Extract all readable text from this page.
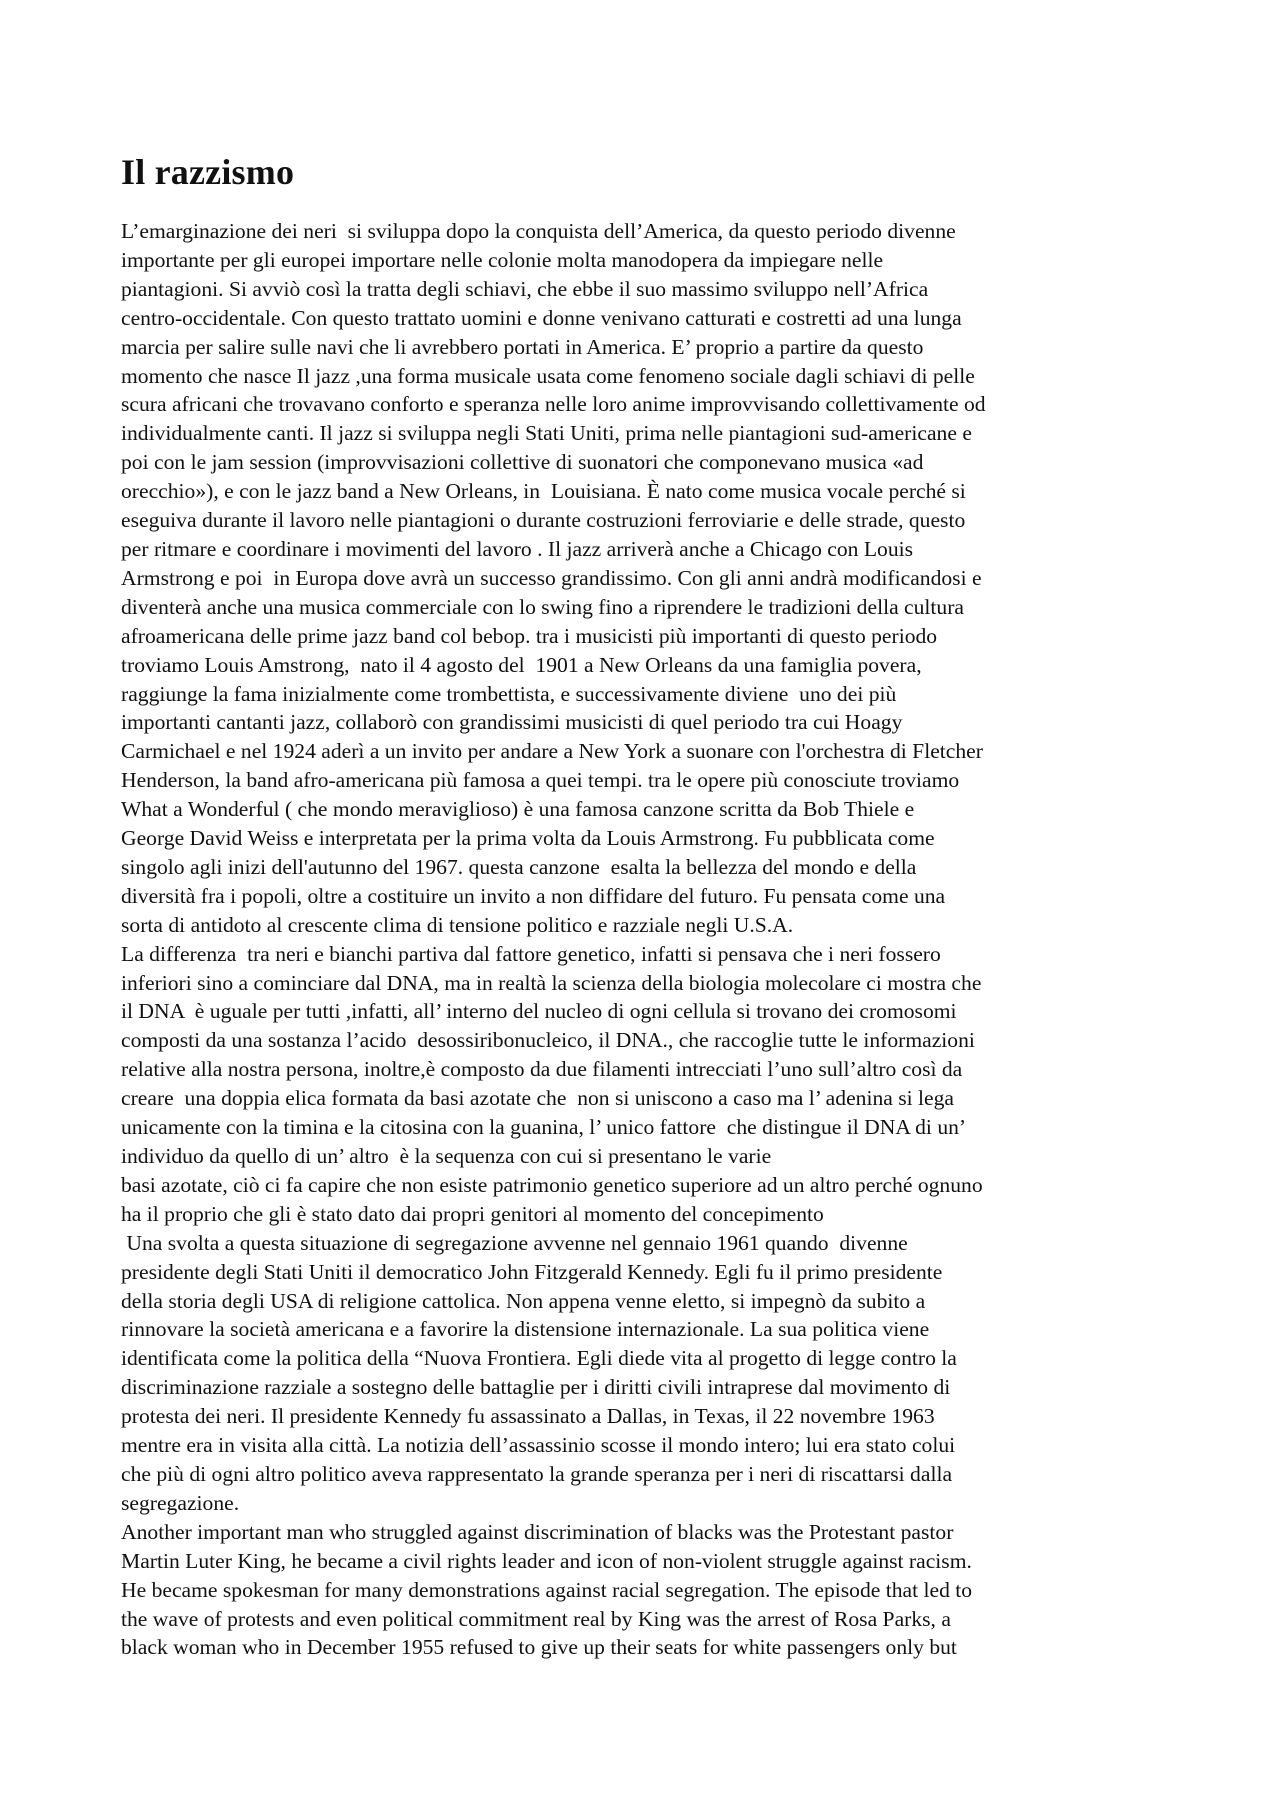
Il razzismo
L’emarginazione dei neri  si sviluppa dopo la conquista dell’America, da questo periodo divenne
importante per gli europei importare nelle colonie molta manodopera da impiegare nelle
piantagioni. Si avviò così la tratta degli schiavi, che ebbe il suo massimo sviluppo nell’Africa
centro-occidentale. Con questo trattato uomini e donne venivano catturati e costretti ad una lunga
marcia per salire sulle navi che li avrebbero portati in America. E’ proprio a partire da questo
momento che nasce Il jazz ,una forma musicale usata come fenomeno sociale dagli schiavi di pelle
scura africani che trovavano conforto e speranza nelle loro anime improvvisando collettivamente od
individualmente canti. Il jazz si sviluppa negli Stati Uniti, prima nelle piantagioni sud-americane e
poi con le jam session (improvvisazioni collettive di suonatori che componevano musica «ad
orecchio»), e con le jazz band a New Orleans, in  Louisiana. È nato come musica vocale perché si
eseguiva durante il lavoro nelle piantagioni o durante costruzioni ferroviarie e delle strade, questo
per ritmare e coordinare i movimenti del lavoro . Il jazz arriverà anche a Chicago con Louis
Armstrong e poi  in Europa dove avrà un successo grandissimo. Con gli anni andrà modificandosi e
diventerà anche una musica commerciale con lo swing fino a riprendere le tradizioni della cultura
afroamericana delle prime jazz band col bebop. tra i musicisti più importanti di questo periodo
troviamo Louis Amstrong,  nato il 4 agosto del  1901 a New Orleans da una famiglia povera,
raggiunge la fama inizialmente come trombettista, e successivamente diviene  uno dei più
importanti cantanti jazz, collaborò con grandissimi musicisti di quel periodo tra cui Hoagy
Carmichael e nel 1924 aderì a un invito per andare a New York a suonare con l'orchestra di Fletcher
Henderson, la band afro-americana più famosa a quei tempi. tra le opere più conosciute troviamo
What a Wonderful ( che mondo meraviglioso) è una famosa canzone scritta da Bob Thiele e
George David Weiss e interpretata per la prima volta da Louis Armstrong. Fu pubblicata come
singolo agli inizi dell'autunno del 1967. questa canzone  esalta la bellezza del mondo e della
diversità fra i popoli, oltre a costituire un invito a non diffidare del futuro. Fu pensata come una
sorta di antidoto al crescente clima di tensione politico e razziale negli U.S.A.
La differenza  tra neri e bianchi partiva dal fattore genetico, infatti si pensava che i neri fossero
inferiori sino a cominciare dal DNA, ma in realtà la scienza della biologia molecolare ci mostra che
il DNA  è uguale per tutti ,infatti, all’ interno del nucleo di ogni cellula si trovano dei cromosomi
composti da una sostanza l’acido  desossiribonucleico, il DNA., che raccoglie tutte le informazioni
relative alla nostra persona, inoltre,è composto da due filamenti intrecciati l’uno sull’altro così da
creare  una doppia elica formata da basi azotate che  non si uniscono a caso ma l’ adenina si lega
unicamente con la timina e la citosina con la guanina, l’ unico fattore  che distingue il DNA di un’
individuo da quello di un’ altro  è la sequenza con cui si presentano le varie
basi azotate, ciò ci fa capire che non esiste patrimonio genetico superiore ad un altro perché ognuno
ha il proprio che gli è stato dato dai propri genitori al momento del concepimento
Una svolta a questa situazione di segregazione avvenne nel gennaio 1961 quando  divenne
presidente degli Stati Uniti il democratico John Fitzgerald Kennedy. Egli fu il primo presidente
della storia degli USA di religione cattolica. Non appena venne eletto, si impegnò da subito a
rinnovare la società americana e a favorire la distensione internazionale. La sua politica viene
identificata come la politica della “Nuova Frontiera. Egli diede vita al progetto di legge contro la
discriminazione razziale a sostegno delle battaglie per i diritti civili intraprese dal movimento di
protesta dei neri. Il presidente Kennedy fu assassinato a Dallas, in Texas, il 22 novembre 1963
mentre era in visita alla città. La notizia dell’assassinio scosse il mondo intero; lui era stato colui
che più di ogni altro politico aveva rappresentato la grande speranza per i neri di riscattarsi dalla
segregazione.
Another important man who struggled against discrimination of blacks was the Protestant pastor
Martin Luter King, he became a civil rights leader and icon of non-violent struggle against racism.
He became spokesman for many demonstrations against racial segregation. The episode that led to
the wave of protests and even political commitment real by King was the arrest of Rosa Parks, a
black woman who in December 1955 refused to give up their seats for white passengers only but
